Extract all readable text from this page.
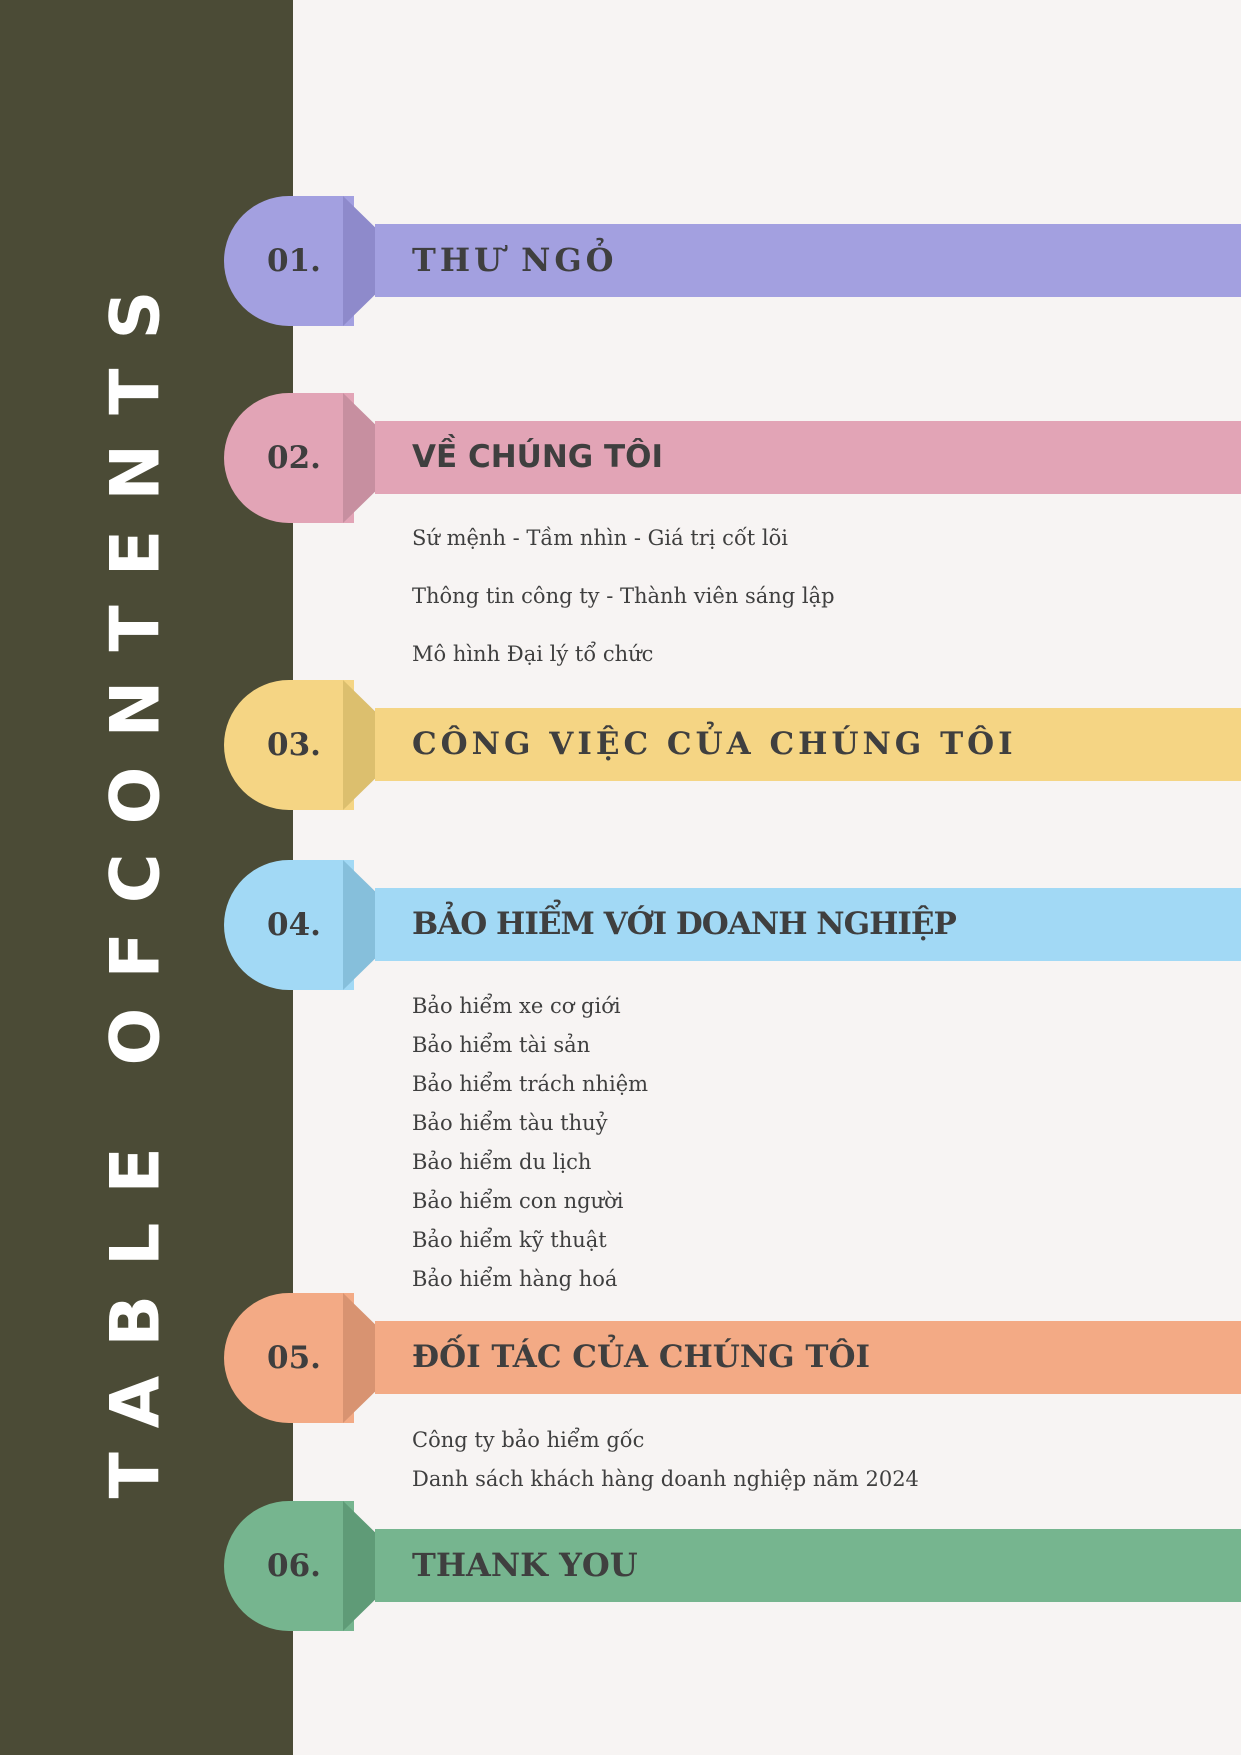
TABLE OFCONTENTS
01.	THƯ NGỎ
02.	VỀ CHÚNG TÔI

Sứ mệnh - Tầm nhìn - Giá trị cốt lõi

Thông tin công ty - Thành viên sáng lập

Mô hình Đại lý tổ chức

03.	CÔNG VIỆC CỦA CHÚNG TÔI
04.	BẢO HIỂM VỚI DOANH NGHIỆP
Bảo hiểm xe cơ giới
Bảo hiểm tài sản
Bảo hiểm trách nhiệm
Bảo hiểm tàu thuỷ
Bảo hiểm du lịch
Bảo hiểm con người
Bảo hiểm kỹ thuật
Bảo hiểm hàng hoá
05.	ĐỐI TÁC CỦA CHÚNG TÔI
Công ty bảo hiểm gốc
Danh sách khách hàng doanh nghiệp năm 2024
06.	THANK YOU
